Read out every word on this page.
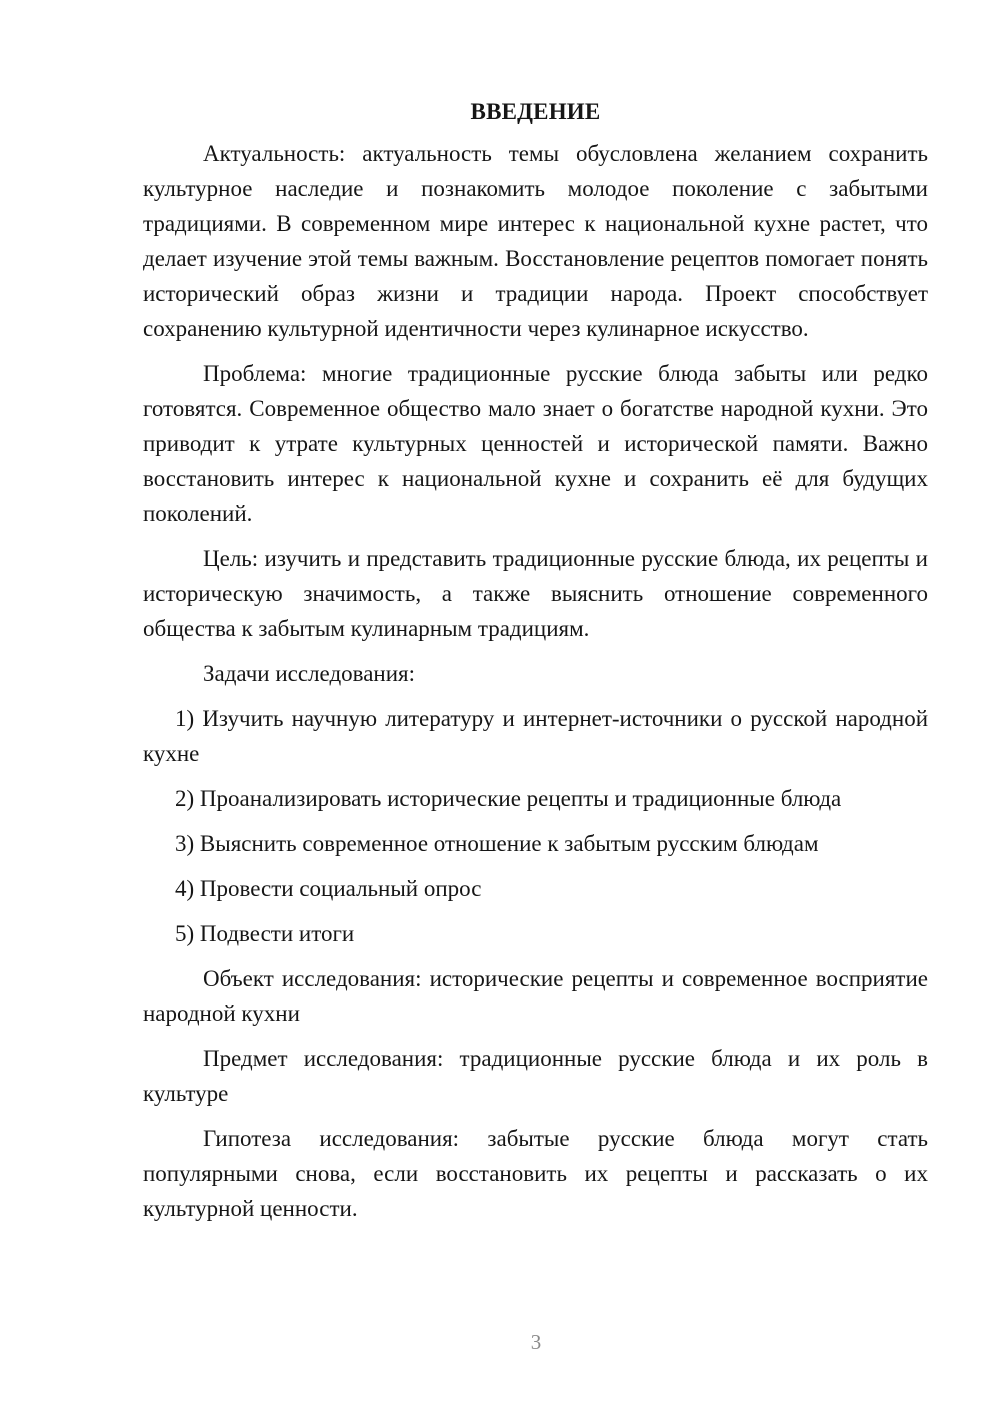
ВВЕДЕНИЕ

Актуальность: актуальность темы обусловлена желанием сохранить культурное наследие и познакомить молодое поколение с забытыми традициями. В современном мире интерес к национальной кухне растет, что делает изучение этой темы важным. Восстановление рецептов помогает понять исторический образ жизни и традиции народа. Проект способствует сохранению культурной идентичности через кулинарное искусство.

Проблема: многие традиционные русские блюда забыты или редко готовятся. Современное общество мало знает о богатстве народной кухни. Это приводит к утрате культурных ценностей и исторической памяти. Важно восстановить интерес к национальной кухне и сохранить её для будущих поколений.

Цель: изучить и представить традиционные русские блюда, их рецепты и историческую значимость, а также выяснить отношение современного общества к забытым кулинарным традициям.

Задачи исследования:

1) Изучить научную литературу и интернет-источники о русской народной кухне

2) Проанализировать исторические рецепты и традиционные блюда

3) Выяснить современное отношение к забытым русским блюдам

4) Провести социальный опрос

5) Подвести итоги

Объект исследования: исторические рецепты и современное восприятие народной кухни

Предмет исследования: традиционные русские блюда и их роль в культуре

Гипотеза исследования: забытые русские блюда могут стать популярными снова, если восстановить их рецепты и рассказать о их культурной ценности.

3
